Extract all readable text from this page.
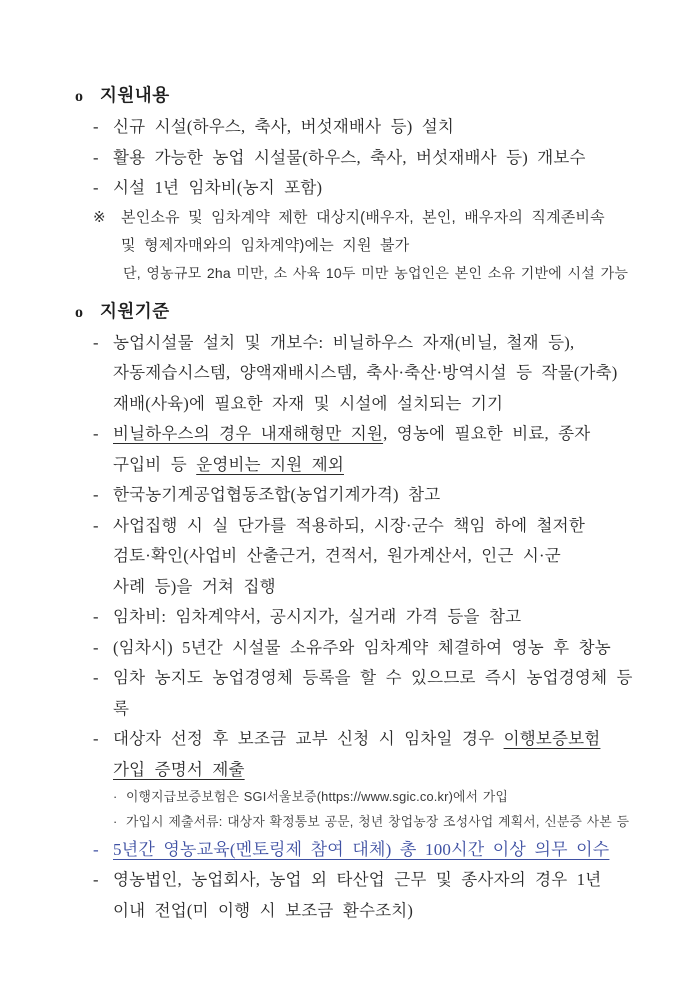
o 지원내용
- 신규 시설(하우스, 축사, 버섯재배사 등) 설치
- 활용 가능한 농업 시설물(하우스, 축사, 버섯재배사 등) 개보수
- 시설 1년 임차비(농지 포함)
※ 본인소유 및 임차계약 제한 대상지(배우자, 본인, 배우자의 직계존비속
및 형제자매와의 임차계약)에는 지원 불가
단, 영농규모 2ha 미만, 소 사육 10두 미만 농업인은 본인 소유 기반에 시설 가능
o 지원기준
- 농업시설물 설치 및 개보수: 비닐하우스 자재(비닐, 철재 등),
자동제습시스템, 양액재배시스템, 축사·축산·방역시설 등 작물(가축)
재배(사육)에 필요한 자재 및 시설에 설치되는 기기
- 비닐하우스의 경우 내재해형만 지원, 영농에 필요한 비료, 종자
구입비 등 운영비는 지원 제외
- 한국농기계공업협동조합(농업기계가격) 참고
- 사업집행 시 실 단가를 적용하되, 시장·군수 책임 하에 철저한
검토·확인(사업비 산출근거, 견적서, 원가계산서, 인근 시·군
사례 등)을 거쳐 집행
- 임차비: 임차계약서, 공시지가, 실거래 가격 등을 참고
- (임차시) 5년간 시설물 소유주와 임차계약 체결하여 영농 후 창농
- 임차 농지도 농업경영체 등록을 할 수 있으므로 즉시 농업경영체 등록
- 대상자 선정 후 보조금 교부 신청 시 임차일 경우 이행보증보험
가입 증명서 제출
· 이행지급보증보험은 SGI서울보증(https://www.sgic.co.kr)에서 가입
· 가입시 제출서류: 대상자 확정통보 공문, 청년 창업농장 조성사업 계획서, 신분증 사본 등
- 5년간 영농교육(멘토링제 참여 대체) 총 100시간 이상 의무 이수
- 영농법인, 농업회사, 농업 외 타산업 근무 및 종사자의 경우 1년
이내 전업(미 이행 시 보조금 환수조치)
